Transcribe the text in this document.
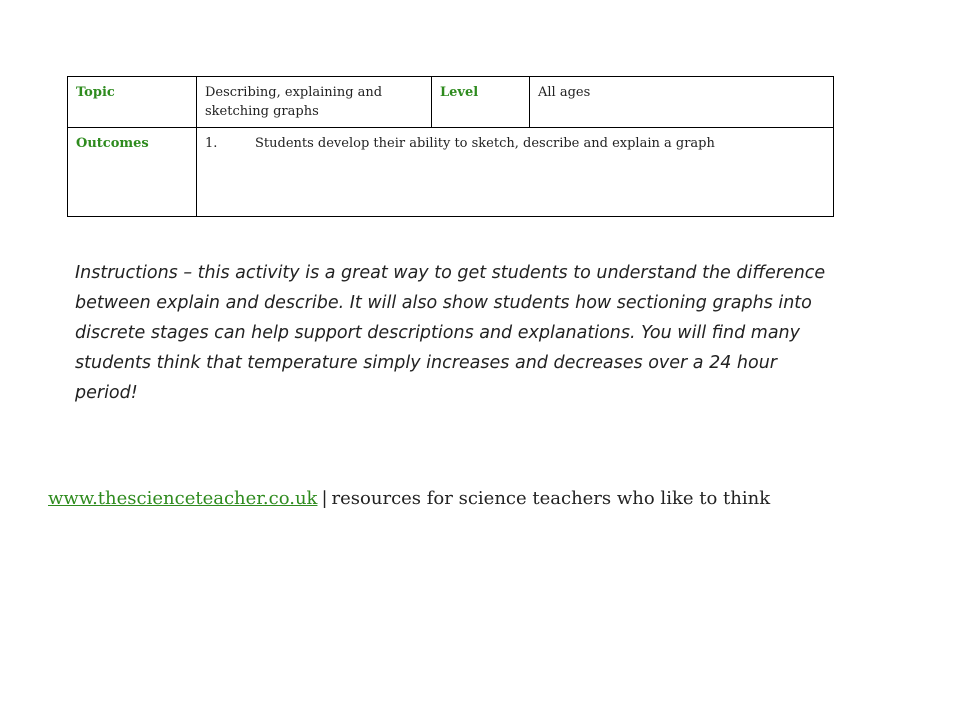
Topic	Describing, explaining and sketching graphs	Level	All ages
Outcomes	1. Students develop their ability to sketch, describe and explain a graph		

Instructions – this activity is a great way to get students to understand the difference between explain and describe. It will also show students how sectioning graphs into discrete stages can help support descriptions and explanations. You will find many students think that temperature simply increases and decreases over a 24 hour period!

www.thescienceteacher.co.uk | resources for science teachers who like to think
